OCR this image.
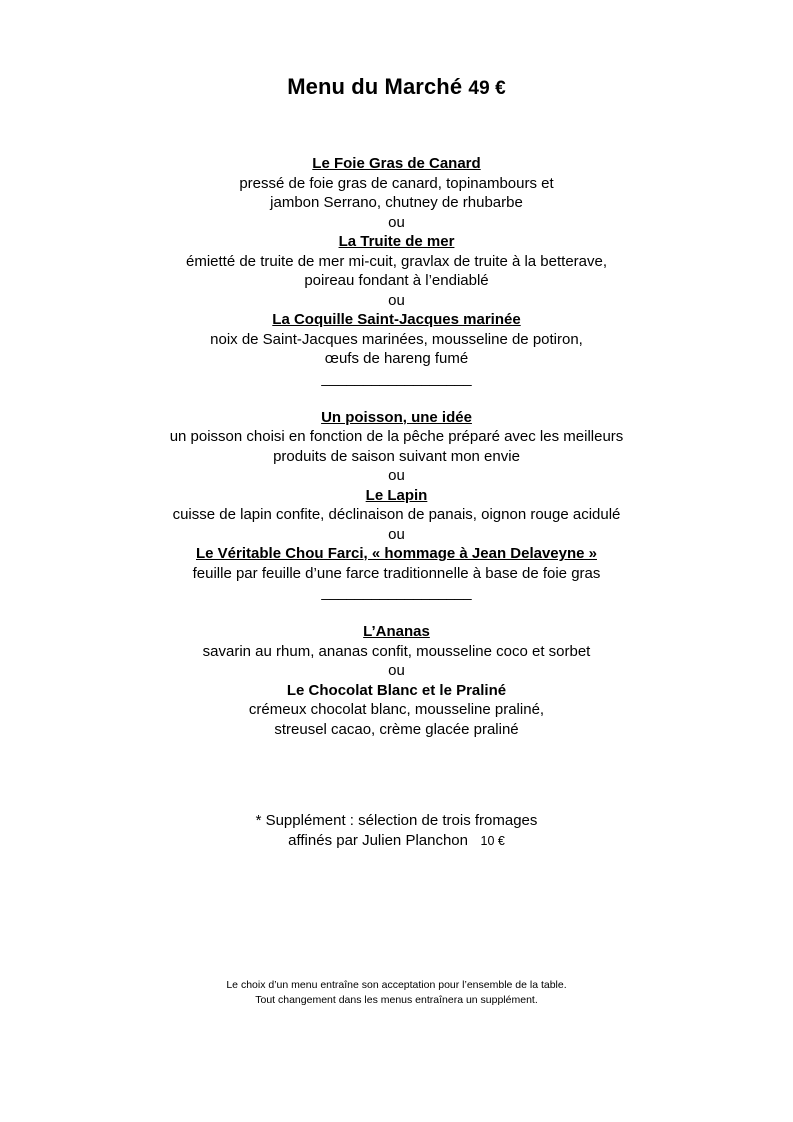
Menu du Marché 49 €
Le Foie Gras de Canard
pressé de foie gras de canard, topinambours et
jambon Serrano, chutney de rhubarbe
ou
La Truite de mer
émietté de truite de mer mi-cuit, gravlax de truite à la betterave,
poireau fondant à l’endiablé
ou
La Coquille Saint-Jacques marinée
noix de Saint-Jacques marinées, mousseline de potiron,
œufs de hareng fumé
__________________
Un poisson, une idée
un poisson choisi en fonction de la pêche préparé avec les meilleurs
produits de saison suivant mon envie
ou
Le Lapin
cuisse de lapin confite, déclinaison de panais, oignon rouge acidulé
ou
Le Véritable Chou Farci, « hommage à Jean Delaveyne »
feuille par feuille d’une farce traditionnelle à base de foie gras
__________________
L’Ananas
savarin au rhum, ananas confit, mousseline coco et sorbet
ou
Le Chocolat Blanc et le Praliné
crémeux chocolat blanc, mousseline praliné,
streusel cacao, crème glacée praliné
* Supplément : sélection de trois fromages
affinés par Julien Planchon 10 €
Le choix d’un menu entraîne son acceptation pour l’ensemble de la table.
Tout changement dans les menus entraînera un supplément.
